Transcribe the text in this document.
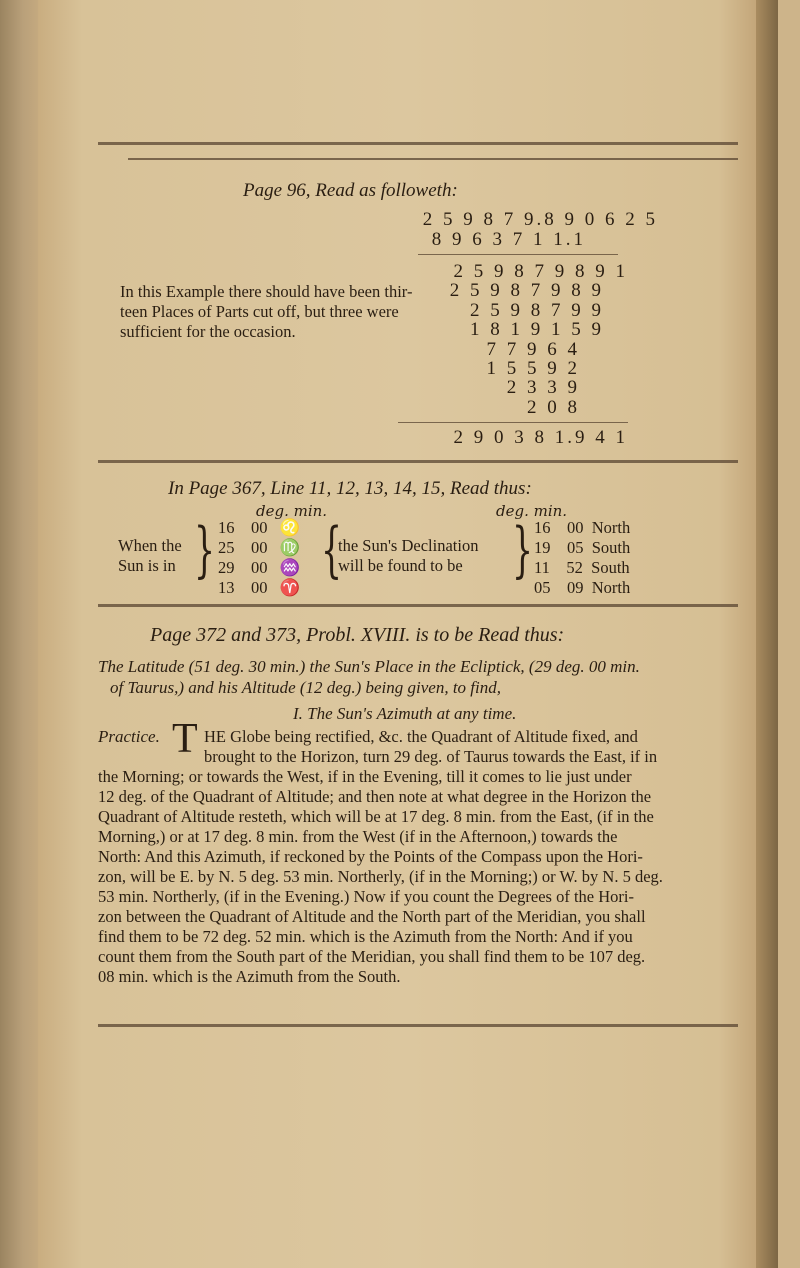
Page 96, Read as followeth:
2 5 9 8 7 9.8 9 0 6 2 5
8 9 6 3 7 1 1.1
2 5 9 8 7 9 8 9 1
2 5 9 8 7 9 8 9
2 5 9 8 7 9 9
1 8 1 9 1 5 9
7 7 9 6 4
1 5 5 9 2
2 3 3 9
2 0 8
2 9 0 3 8 1.9 4 1
In this Example there should have been thir-
teen Places of Parts cut off, but three were
sufficient for the occasion.
In Page 367, Line 11, 12, 13, 14, 15, Read thus:
deg. min.	deg. min.
When the
Sun is in } 16    00   ♌
25    00   ♍
29    00   ♒
13    00   ♈
{
the Sun's Declination
will be found to be } 16    00  North
19    05  South
11    52  South
05    09  North
Page 372 and 373, Probl. XVIII. is to be Read thus:
The Latitude (51 deg. 30 min.) the Sun's Place in the Ecliptick, (29 deg. 00 min.
of Taurus,) and his Altitude (12 deg.) being given, to find,
I. The Sun's Azimuth at any time.
Practice. T HE Globe being rectified, &c. the Quadrant of Altitude fixed, and
brought to the Horizon, turn 29 deg. of Taurus towards the East, if in
the Morning; or towards the West, if in the Evening, till it comes to lie just under
12 deg. of the Quadrant of Altitude; and then note at what degree in the Horizon the
Quadrant of Altitude resteth, which will be at 17 deg. 8 min. from the East, (if in the
Morning,) or at 17 deg. 8 min. from the West (if in the Afternoon,) towards the
North: And this Azimuth, if reckoned by the Points of the Compass upon the Hori-
zon, will be E. by N. 5 deg. 53 min. Northerly, (if in the Morning;) or W. by N. 5 deg.
53 min. Northerly, (if in the Evening.) Now if you count the Degrees of the Hori-
zon between the Quadrant of Altitude and the North part of the Meridian, you shall
find them to be 72 deg. 52 min. which is the Azimuth from the North: And if you
count them from the South part of the Meridian, you shall find them to be 107 deg.
08 min. which is the Azimuth from the South.
